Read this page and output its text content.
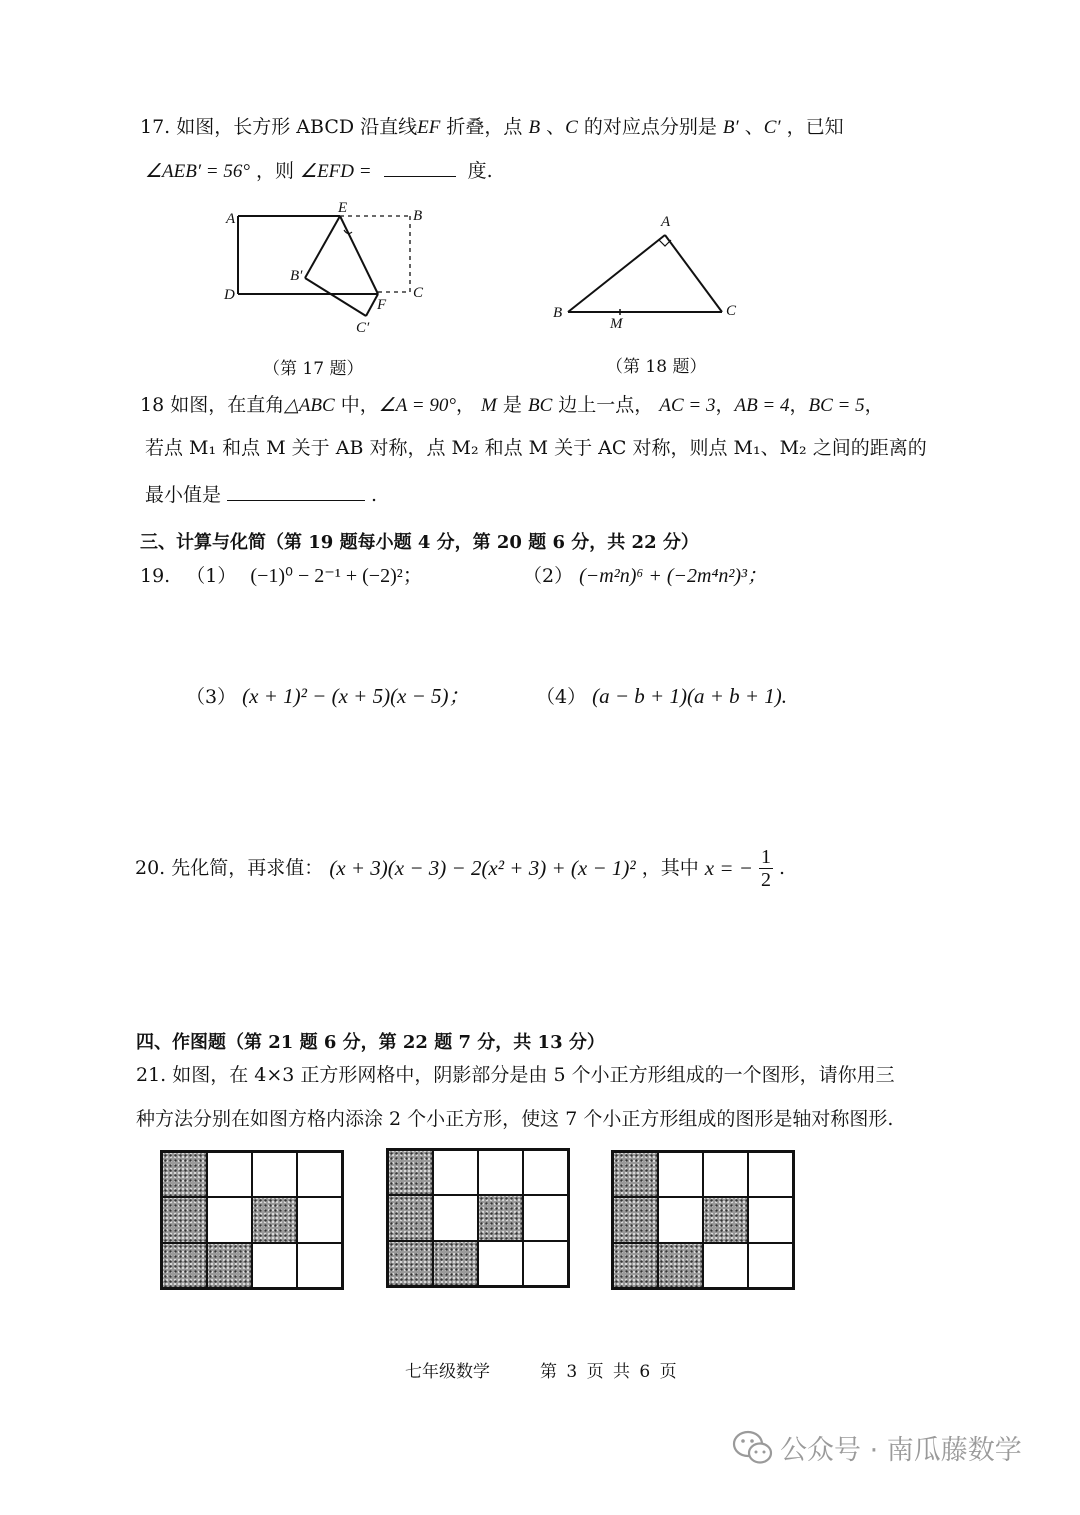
17. 如图，长方形 ABCD 沿直线EF 折叠，点 B 、C 的对应点分别是 B′ 、C′ ，已知
∠AEB′ = 56° ，则 ∠EFD =	度.
A
E	B
B′
C
D
F
C′
（第 17 题）
A
B	C
M
（第 18 题）
18 如图，在直角△ABC 中，∠A = 90°， M 是 BC 边上一点， AC = 3，AB = 4，BC = 5，
若点 M₁ 和点 M 关于 AB 对称，点 M₂ 和点 M 关于 AC 对称，则点 M₁、M₂ 之间的距离的
最小值是	.
三、计算与化简（第 19 题每小题 4 分，第 20 题 6 分，共 22 分）
19. （1） (−1)⁰ − 2⁻¹ + (−2)²；	（2） (−m²n)⁶ + (−2m⁴n²)³；
（3） (x + 1)² − (x + 5)(x − 5)；	（4） (a − b + 1)(a + b + 1).
20. 先化简，再求值： (x + 3)(x − 3) − 2(x² + 3) + (x − 1)² ，其中 x = − $\frac{1}{2}$ .
四、作图题（第 21 题 6 分，第 22 题 7 分，共 13 分）
21. 如图，在 4×3 正方形网格中，阴影部分是由 5 个小正方形组成的一个图形，请你用三
种方法分别在如图方格内添涂 2 个小正方形，使这 7 个小正方形组成的图形是轴对称图形.
七年级数学	第 3 页 共 6 页
公众号 · 南瓜藤数学
